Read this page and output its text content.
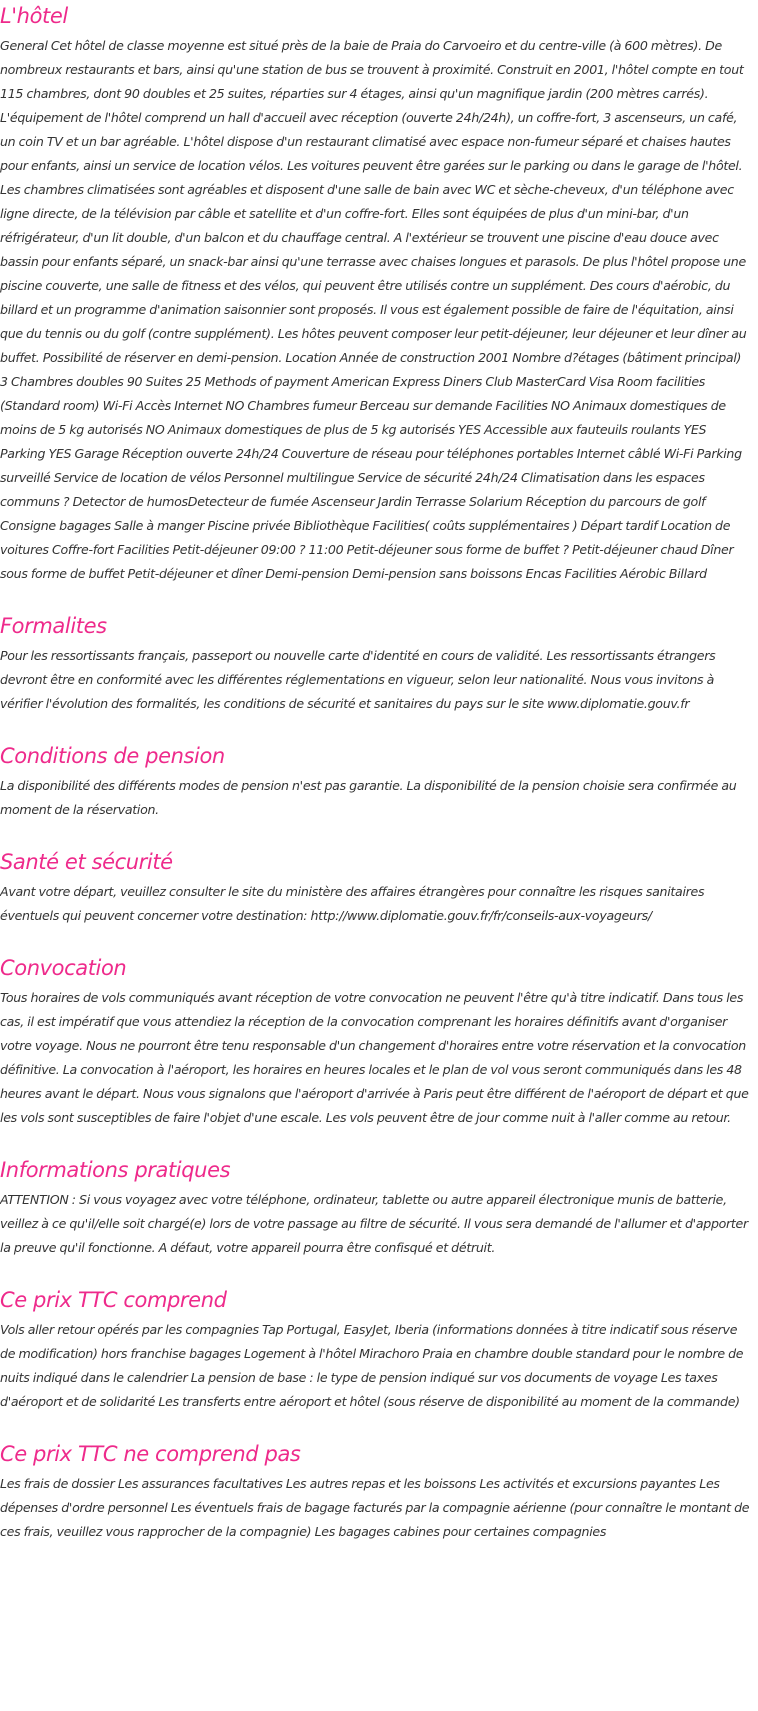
L'hôtel

General Cet hôtel de classe moyenne est situé près de la baie de Praia do Carvoeiro et du centre-ville (à 600 mètres). De nombreux restaurants et bars, ainsi qu'une station de bus se trouvent à proximité. Construit en 2001, l'hôtel compte en tout 115 chambres, dont 90 doubles et 25 suites, réparties sur 4 étages, ainsi qu'un magnifique jardin (200 mètres carrés). L'équipement de l'hôtel comprend un hall d'accueil avec réception (ouverte 24h/24h), un coffre-fort, 3 ascenseurs, un café, un coin TV et un bar agréable. L'hôtel dispose d'un restaurant climatisé avec espace non-fumeur séparé et chaises hautes pour enfants, ainsi un service de location vélos. Les voitures peuvent être garées sur le parking ou dans le garage de l'hôtel. Les chambres climatisées sont agréables et disposent d'une salle de bain avec WC et sèche-cheveux, d'un téléphone avec ligne directe, de la télévision par câble et satellite et d'un coffre-fort. Elles sont équipées de plus d'un mini-bar, d'un réfrigérateur, d'un lit double, d'un balcon et du chauffage central. A l'extérieur se trouvent une piscine d'eau douce avec bassin pour enfants séparé, un snack-bar ainsi qu'une terrasse avec chaises longues et parasols. De plus l'hôtel propose une piscine couverte, une salle de fitness et des vélos, qui peuvent être utilisés contre un supplément. Des cours d'aérobic, du billard et un programme d'animation saisonnier sont proposés. Il vous est également possible de faire de l'équitation, ainsi que du tennis ou du golf (contre supplément). Les hôtes peuvent composer leur petit-déjeuner, leur déjeuner et leur dîner au buffet. Possibilité de réserver en demi-pension. Location Année de construction 2001 Nombre d?étages (bâtiment principal) 3 Chambres doubles 90 Suites 25 Methods of payment American Express Diners Club MasterCard Visa Room facilities (Standard room) Wi-Fi Accès Internet NO Chambres fumeur Berceau sur demande Facilities NO Animaux domestiques de moins de 5 kg autorisés NO Animaux domestiques de plus de 5 kg autorisés YES Accessible aux fauteuils roulants YES Parking YES Garage Réception ouverte 24h/24 Couverture de réseau pour téléphones portables Internet câblé Wi-Fi Parking surveillé Service de location de vélos Personnel multilingue Service de sécurité 24h/24 Climatisation dans les espaces communs ? Detector de humosDetecteur de fumée Ascenseur Jardin Terrasse Solarium Réception du parcours de golf Consigne bagages Salle à manger Piscine privée Bibliothèque Facilities( coûts supplémentaires ) Départ tardif Location de voitures Coffre-fort Facilities Petit-déjeuner 09:00 ? 11:00 Petit-déjeuner sous forme de buffet ? Petit-déjeuner chaud Dîner sous forme de buffet Petit-déjeuner et dîner Demi-pension Demi-pension sans boissons Encas Facilities Aérobic Billard

Formalites

Pour les ressortissants français, passeport ou nouvelle carte d'identité en cours de validité. Les ressortissants étrangers devront être en conformité avec les différentes réglementations en vigueur, selon leur nationalité. Nous vous invitons à vérifier l'évolution des formalités, les conditions de sécurité et sanitaires du pays sur le site www.diplomatie.gouv.fr

Conditions de pension

La disponibilité des différents modes de pension n'est pas garantie. La disponibilité de la pension choisie sera confirmée au moment de la réservation.

Santé et sécurité

Avant votre départ, veuillez consulter le site du ministère des affaires étrangères pour connaître les risques sanitaires éventuels qui peuvent concerner votre destination: http://www.diplomatie.gouv.fr/fr/conseils-aux-voyageurs/

Convocation

Tous horaires de vols communiqués avant réception de votre convocation ne peuvent l'être qu'à titre indicatif. Dans tous les cas, il est impératif que vous attendiez la réception de la convocation comprenant les horaires définitifs avant d'organiser votre voyage. Nous ne pourront être tenu responsable d'un changement d'horaires entre votre réservation et la convocation définitive. La convocation à l'aéroport, les horaires en heures locales et le plan de vol vous seront communiqués dans les 48 heures avant le départ. Nous vous signalons que l'aéroport d'arrivée à Paris peut être différent de l'aéroport de départ et que les vols sont susceptibles de faire l'objet d'une escale. Les vols peuvent être de jour comme nuit à l'aller comme au retour.

Informations pratiques

ATTENTION : Si vous voyagez avec votre téléphone, ordinateur, tablette ou autre appareil électronique munis de batterie, veillez à ce qu'il/elle soit chargé(e) lors de votre passage au filtre de sécurité. Il vous sera demandé de l'allumer et d'apporter la preuve qu'il fonctionne. A défaut, votre appareil pourra être confisqué et détruit.

Ce prix TTC comprend

Vols aller retour opérés par les compagnies Tap Portugal, EasyJet, Iberia (informations données à titre indicatif sous réserve de modification) hors franchise bagages Logement à l'hôtel Mirachoro Praia en chambre double standard pour le nombre de nuits indiqué dans le calendrier La pension de base : le type de pension indiqué sur vos documents de voyage Les taxes d'aéroport et de solidarité Les transferts entre aéroport et hôtel (sous réserve de disponibilité au moment de la commande)

Ce prix TTC ne comprend pas

Les frais de dossier Les assurances facultatives Les autres repas et les boissons Les activités et excursions payantes Les dépenses d'ordre personnel Les éventuels frais de bagage facturés par la compagnie aérienne (pour connaître le montant de ces frais, veuillez vous rapprocher de la compagnie) Les bagages cabines pour certaines compagnies
